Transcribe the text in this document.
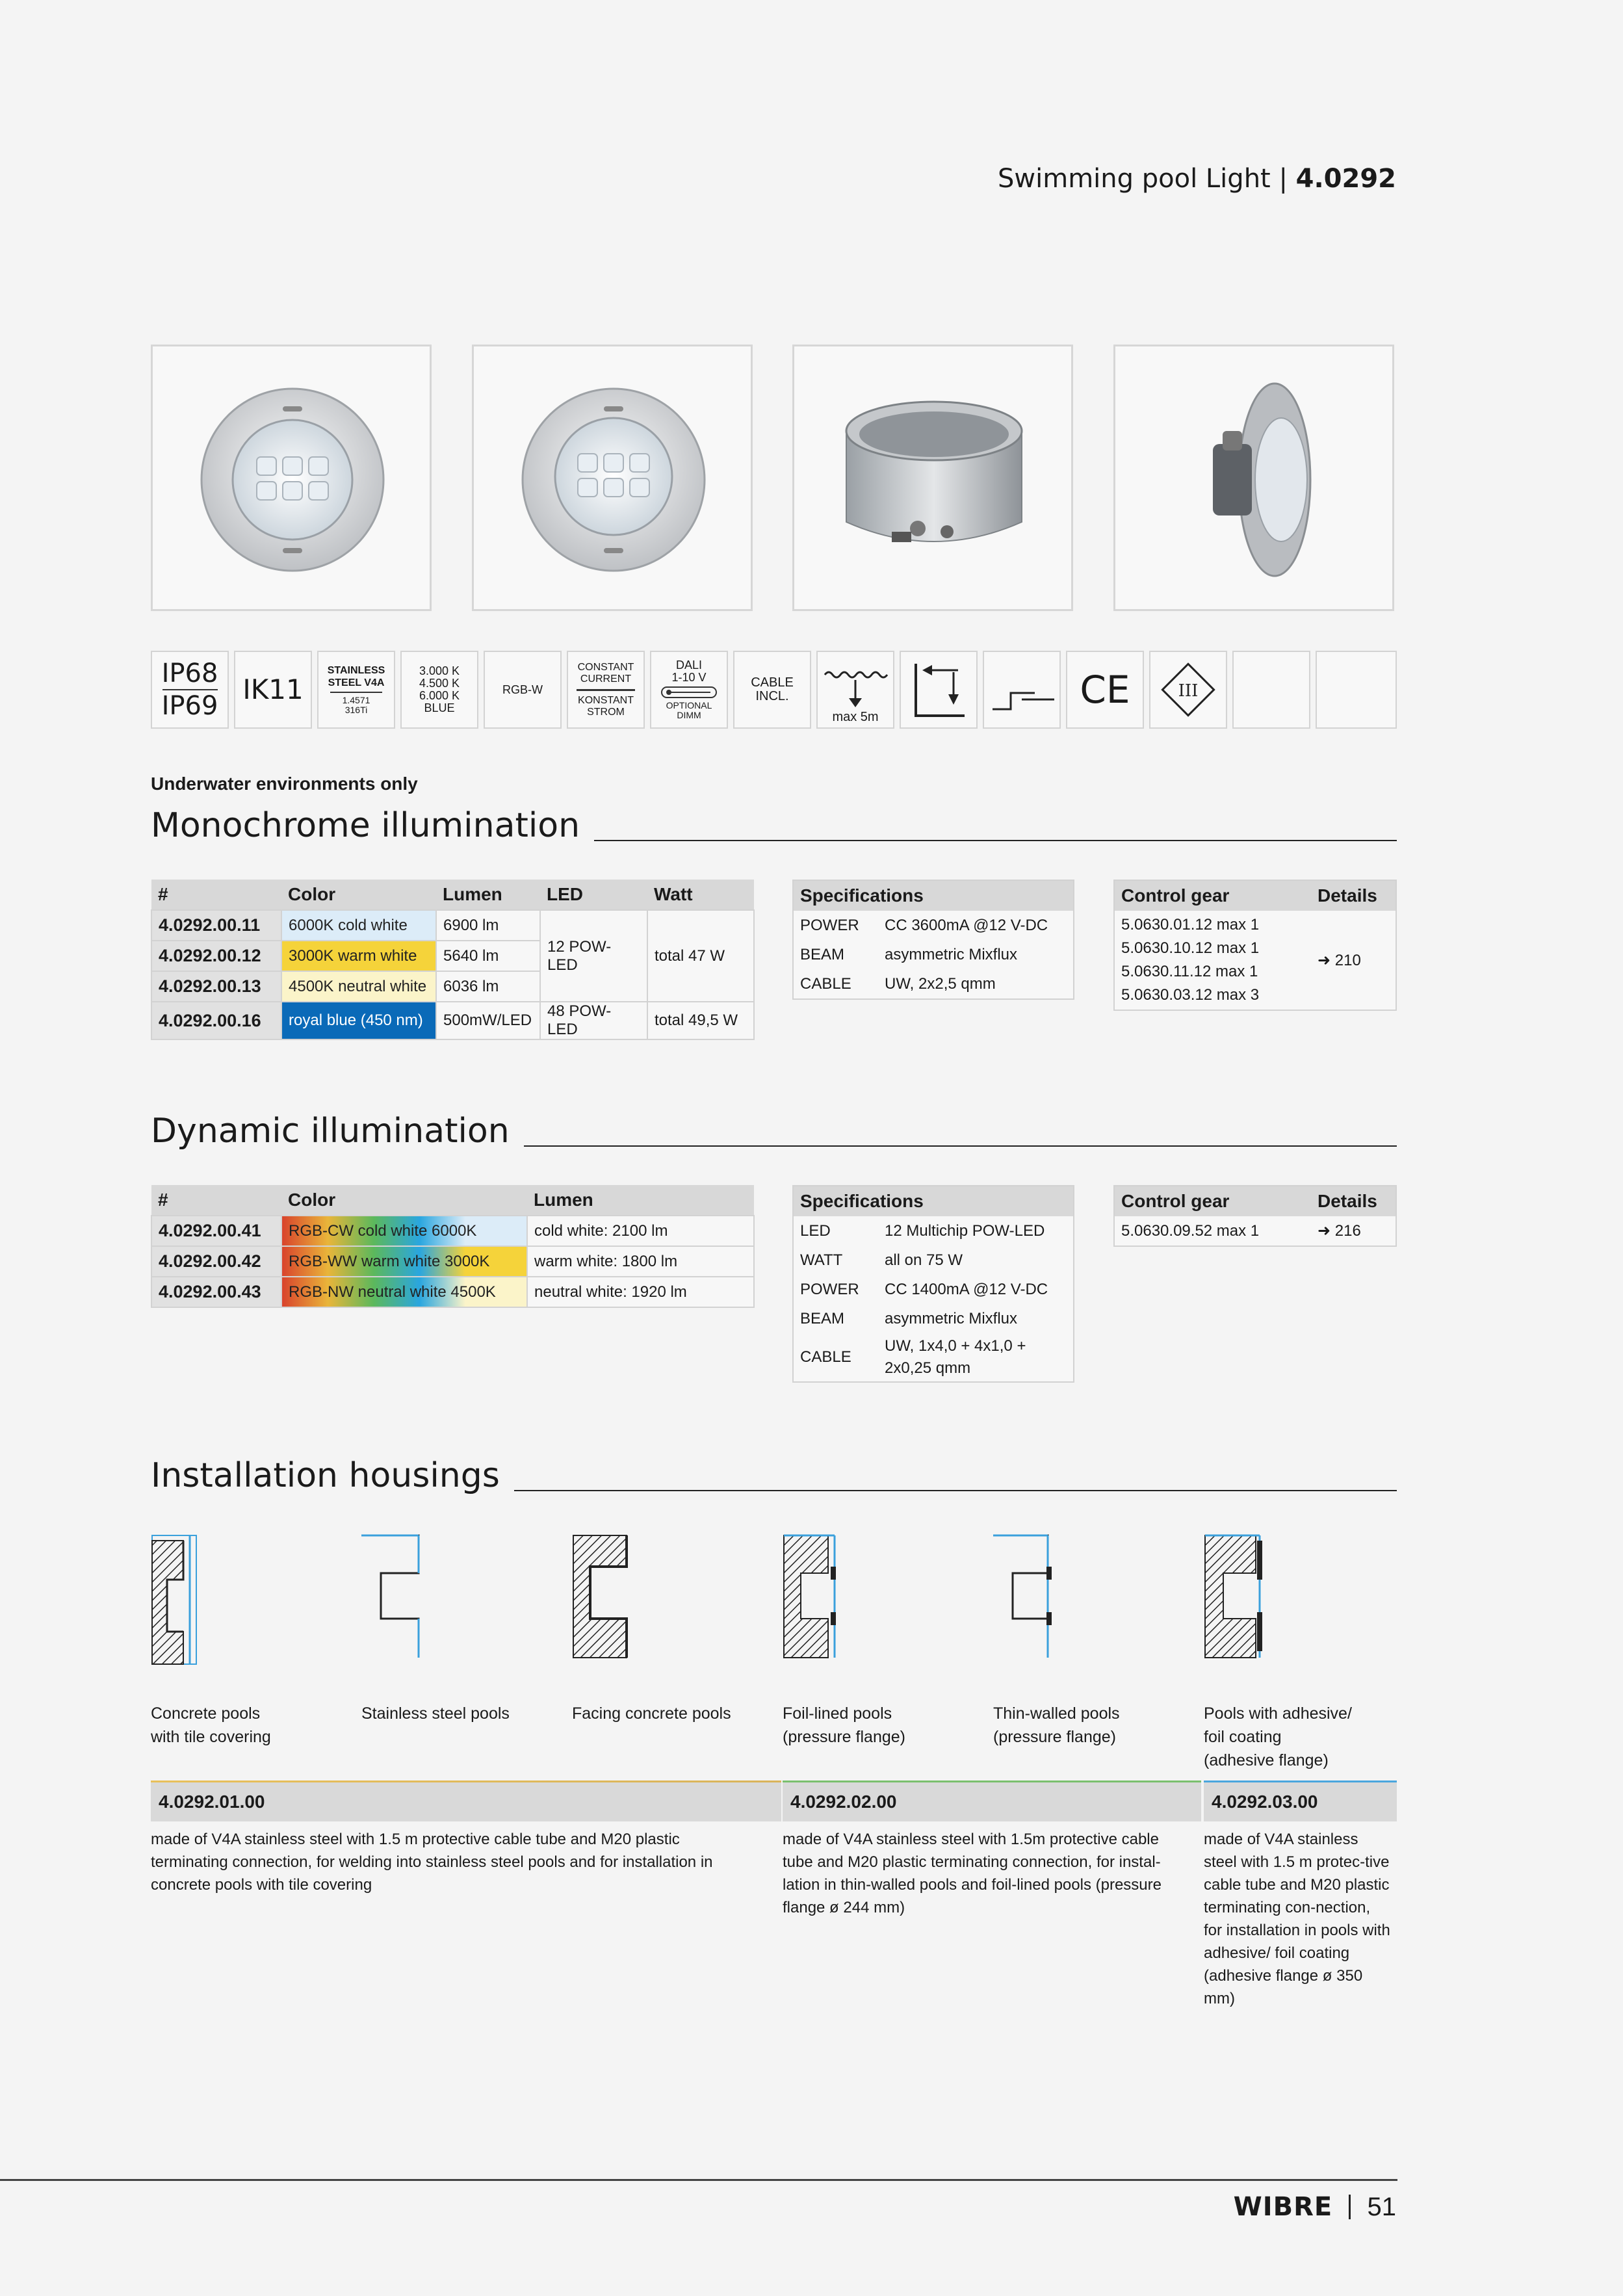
Swimming pool Light | 4.0292
IP68
IP69
IK11
STAINLESS
STEEL V4A
1.4571
316Ti
3.000 K
4.500 K
6.000 K
BLUE
RGB-W
CONSTANT
CURRENT
KONSTANT
STROM
DALI
1-10 V
OPTIONAL
DIMM
CABLE
INCL.
max 5m
CE	III
Underwater environments only
Monochrome illumination
#	Color	Lumen	LED	Watt
4.0292.00.11	6000K cold white	6900 lm	12 POW-LED	total 47 W
4.0292.00.12	3000K warm white	5640 lm		
4.0292.00.13	4500K neutral white	6036 lm		
4.0292.00.16	royal blue (450 nm)	500mW/LED	48 POW-LED	total 49,5 W
Specifications	
POWER	CC 3600mA @12 V-DC
BEAM	asymmetric Mixflux
CABLE	UW, 2x2,5 qmm
Control gear	Details

5.0630.01.12 max 1
5.0630.10.12 max 1
5.0630.11.12 max 1
5.0630.03.12 max 3	➜ 210
Dynamic illumination
#	Color	Lumen
4.0292.00.41	RGB-CW cold white 6000K	cold white: 2100 lm
4.0292.00.42	RGB-WW warm white 3000K	warm white: 1800 lm
4.0292.00.43	RGB-NW neutral white 4500K	neutral white: 1920 lm
Specifications	
LED	12 Multichip POW-LED
WATT	all on 75 W
POWER	CC 1400mA @12 V-DC
BEAM	asymmetric Mixflux
CABLE	UW, 1x4,0 + 4x1,0 + 2x0,25 qmm
Control gear	Details
5.0630.09.52 max 1	➜ 216
Installation housings
Concrete pools
with tile covering
Stainless steel pools	Facing concrete pools	Foil-lined pools
(pressure flange)
Thin-walled pools
(pressure flange)
Pools with adhesive/
foil coating
(adhesive flange)
4.0292.01.00	4.0292.02.00	4.0292.03.00
made of V4A stainless steel with 1.5 m protective cable tube and M20 plastic terminating connection, for welding into stainless steel pools and for installation in concrete pools with tile covering
made of V4A stainless steel with 1.5m protective cable tube and M20 plastic terminating connection, for instal-lation in thin-walled pools and foil-lined pools (pressure flange ø 244 mm)
made of V4A stainless steel with 1.5 m protec-tive cable tube and M20 plastic terminating con-nection, for installation in pools with adhesive/ foil coating (adhesive flange ø 350 mm)
WIBRE 51
